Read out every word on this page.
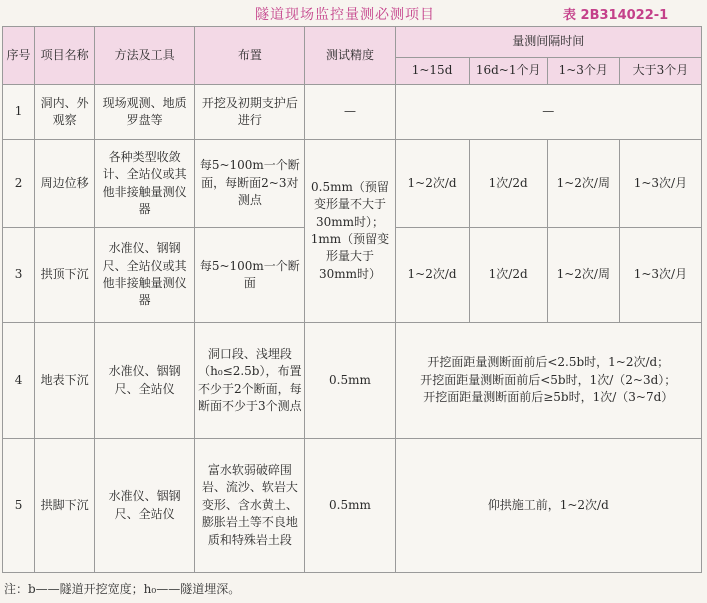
隧道现场监控量测必测项目	表 2B314022-1
序号	项目名称	方法及工具	布置	测试精度	量测间隔时间			
					1~15d	16d~1个月	1~3个月	大于3个月
1	洞内、外观察	现场观测、地质罗盘等	开挖及初期支护后进行	—	—			
2	周边位移	各种类型收敛计、全站仪或其他非接触量测仪器	每5~100m一个断面，每断面2~3对测点	0.5mm（预留变形量不大于30mm时）；1mm（预留变形量大于30mm时）	1~2次/d	1次/2d	1~2次/周	1~3次/月
3	拱顶下沉	水准仪、钢钢尺、全站仪或其他非接触量测仪器	每5~100m一个断面		1~2次/d	1次/2d	1~2次/周	1~3次/月
4	地表下沉	水准仪、铟钢尺、全站仪	洞口段、浅埋段（h₀≤2.5b），布置不少于2个断面，每断面不少于3个测点	0.5mm	开挖面距量测断面前后<2.5b时，1~2次/d；
开挖面距量测断面前后<5b时，1次/（2~3d）；
开挖面距量测断面前后≥5b时，1次/（3~7d）			

5	拱脚下沉	水准仪、铟钢尺、全站仪	富水软弱破碎围岩、流沙、软岩大变形、含水黄土、膨胀岩土等不良地质和特殊岩土段	0.5mm	仰拱施工前，1~2次/d			
注：b——隧道开挖宽度；h₀——隧道埋深。
